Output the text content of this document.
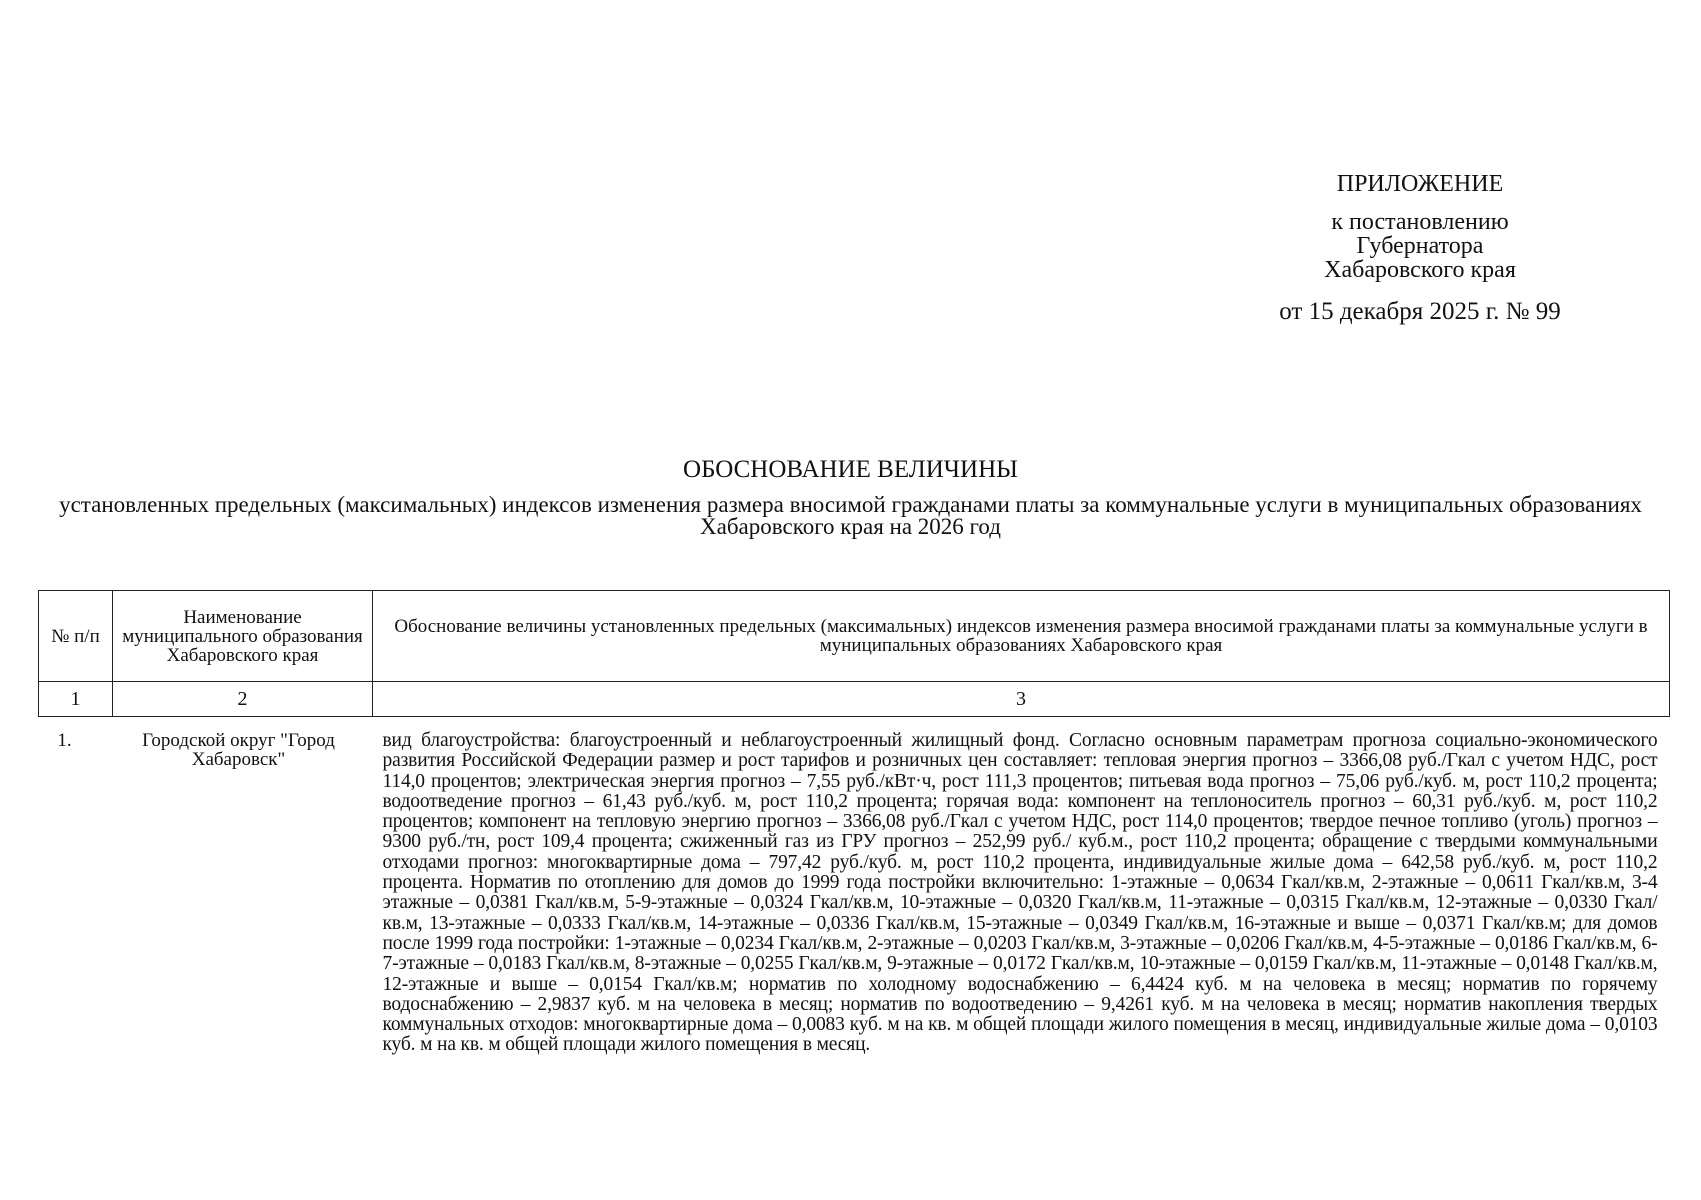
ПРИЛОЖЕНИЕ
к постановлению
Губернатора
Хабаровского края
от 15 декабря 2025 г. № 99
ОБОСНОВАНИЕ ВЕЛИЧИНЫ
установленных предельных (максимальных) индексов изменения размера вносимой гражданами платы за коммунальные услуги в муниципальных образованиях Хабаровского края на 2026 год
№ п/п	Наименование муниципального образования Хабаровского края	Обоснование величины установленных предельных (максимальных) индексов изменения размера вносимой гражданами платы за коммунальные услуги в муниципальных образованиях Хабаровского края
1	2	3

1.	Городской округ "Город Хабаровск"	вид благоустройства: благоустроенный и неблагоустроенный жилищный фонд. Согласно основным параметрам прогноза социально-экономического развития Российской Федерации размер и рост тарифов и розничных цен составляет: тепловая энергия прогноз – 3366,08 руб./Гкал с учетом НДС, рост 114,0 процентов; электрическая энергия прогноз – 7,55 руб./кВт·ч, рост 111,3 процентов; питьевая вода прогноз – 75,06 руб./куб. м, рост 110,2 процента; водоотведение прогноз – 61,43 руб./куб. м, рост 110,2 процента; горячая вода: компонент на теплоноситель прогноз – 60,31 руб./куб. м, рост 110,2 процентов; компонент на тепловую энергию прогноз – 3366,08 руб./Гкал с учетом НДС, рост 114,0 процентов; твердое печное топливо (уголь) прогноз – 9300 руб./тн, рост 109,4 процента; сжиженный газ из ГРУ прогноз – 252,99 руб./ куб.м., рост 110,2 процента; обращение с твердыми коммунальными отходами прогноз: многоквартирные дома – 797,42 руб./куб. м, рост 110,2 процента, индивидуальные жилые дома – 642,58 руб./куб. м, рост 110,2 процента. Норматив по отоплению для домов до 1999 года постройки включительно: 1-этажные – 0,0634 Гкал/кв.м, 2-этажные – 0,0611 Гкал/кв.м, 3-4 этажные – 0,0381 Гкал/кв.м, 5-9-этажные – 0,0324 Гкал/кв.м, 10-этажные – 0,0320 Гкал/кв.м, 11-этажные – 0,0315 Гкал/кв.м, 12-этажные – 0,0330 Гкал/кв.м, 13-этажные – 0,0333 Гкал/кв.м, 14-этажные – 0,0336 Гкал/кв.м, 15-этажные – 0,0349 Гкал/кв.м, 16-этажные и выше – 0,0371 Гкал/кв.м; для домов после 1999 года постройки: 1-этажные – 0,0234 Гкал/кв.м, 2-этажные – 0,0203 Гкал/кв.м, 3-этажные – 0,0206 Гкал/кв.м, 4-5-этажные – 0,0186 Гкал/кв.м, 6-7-этажные – 0,0183 Гкал/кв.м, 8-этажные – 0,0255 Гкал/кв.м, 9-этажные – 0,0172 Гкал/кв.м, 10-этажные – 0,0159 Гкал/кв.м, 11-этажные – 0,0148 Гкал/кв.м, 12-этажные и выше – 0,0154 Гкал/кв.м; норматив по холодному водоснабжению – 6,4424 куб. м на человека в месяц; норматив по горячему водоснабжению – 2,9837 куб. м на человека в месяц; норматив по водоотведению – 9,4261 куб. м на человека в месяц; норматив накопления твердых коммунальных отходов: многоквартирные дома – 0,0083 куб. м на кв. м общей площади жилого помещения в месяц, индивидуальные жилые дома – 0,0103 куб. м на кв. м общей площади жилого помещения в месяц.
